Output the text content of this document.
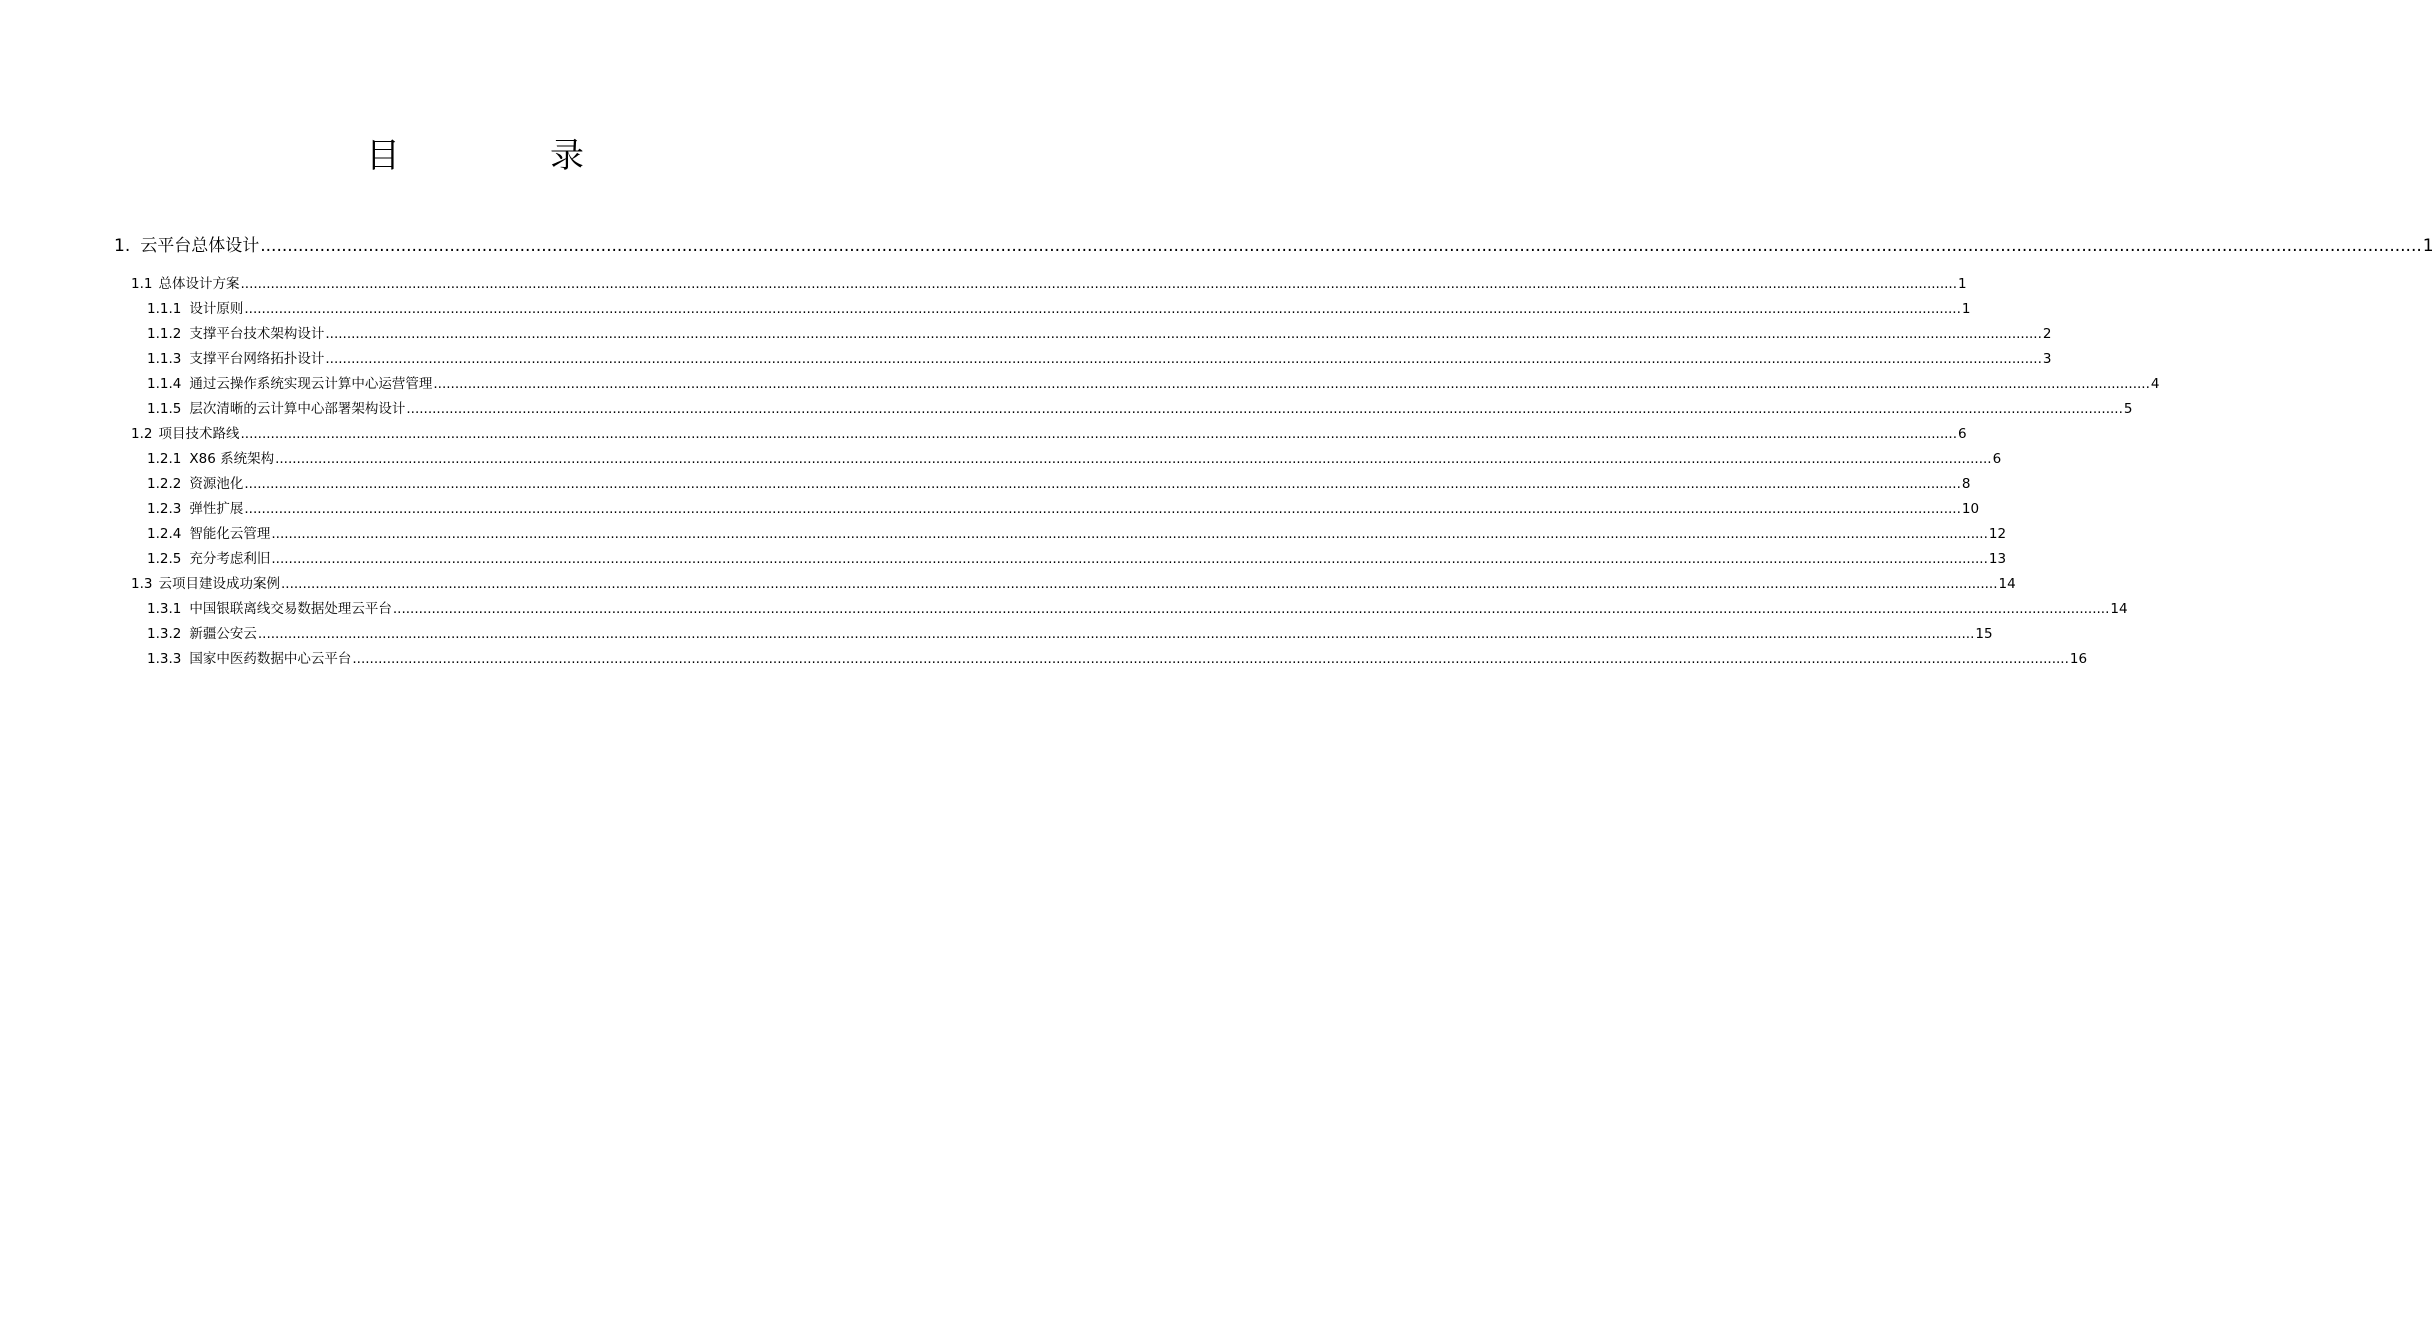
目　录
1. 云平台总体设计 ................................................................................................................................................................................................................................................................................................................................................................................................................ 1
1.1 总体设计方案 ................................................................................................................................................................................................................................................................................................................................................................................................................ 1
1.1.1 设计原则 ................................................................................................................................................................................................................................................................................................................................................................................................................ 1
1.1.2 支撑平台技术架构设计 ................................................................................................................................................................................................................................................................................................................................................................................................................ 2
1.1.3 支撑平台网络拓扑设计 ................................................................................................................................................................................................................................................................................................................................................................................................................ 3
1.1.4 通过云操作系统实现云计算中心运营管理 ................................................................................................................................................................................................................................................................................................................................................................................................................ 4
1.1.5 层次清晰的云计算中心部署架构设计 ................................................................................................................................................................................................................................................................................................................................................................................................................ 5
1.2 项目技术路线 ................................................................................................................................................................................................................................................................................................................................................................................................................ 6
1.2.1 X86 系统架构 ................................................................................................................................................................................................................................................................................................................................................................................................................ 6
1.2.2 资源池化 ................................................................................................................................................................................................................................................................................................................................................................................................................ 8
1.2.3 弹性扩展 ................................................................................................................................................................................................................................................................................................................................................................................................................ 10
1.2.4 智能化云管理 ................................................................................................................................................................................................................................................................................................................................................................................................................ 12
1.2.5 充分考虑利旧 ................................................................................................................................................................................................................................................................................................................................................................................................................ 13
1.3 云项目建设成功案例 ................................................................................................................................................................................................................................................................................................................................................................................................................ 14
1.3.1 中国银联离线交易数据处理云平台 ................................................................................................................................................................................................................................................................................................................................................................................................................ 14
1.3.2 新疆公安云 ................................................................................................................................................................................................................................................................................................................................................................................................................ 15
1.3.3 国家中医药数据中心云平台 ................................................................................................................................................................................................................................................................................................................................................................................................................ 16
